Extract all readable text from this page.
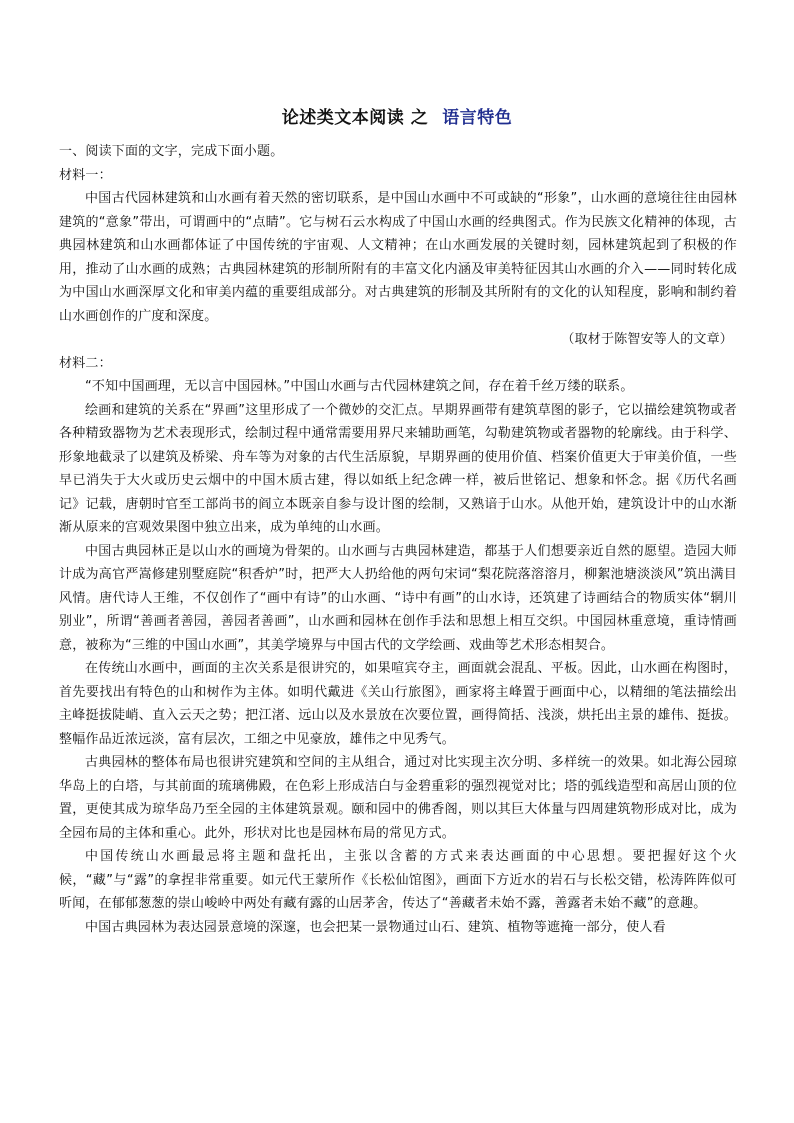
论述类文本阅读 之 语言特色

一、阅读下面的文字，完成下面小题。

材料一：

中国古代园林建筑和山水画有着天然的密切联系，是中国山水画中不可或缺的“形象”，山水画的意境往往由园林建筑的“意象”带出，可谓画中的“点睛”。它与树石云水构成了中国山水画的经典图式。作为民族文化精神的体现，古典园林建筑和山水画都体证了中国传统的宇宙观、人文精神；在山水画发展的关键时刻，园林建筑起到了积极的作用，推动了山水画的成熟；古典园林建筑的形制所附有的丰富文化内涵及审美特征因其山水画的介入——同时转化成为中国山水画深厚文化和审美内蕴的重要组成部分。对古典建筑的形制及其所附有的文化的认知程度，影响和制约着山水画创作的广度和深度。

（取材于陈智安等人的文章）

材料二：

“不知中国画理，无以言中国园林。”中国山水画与古代园林建筑之间，存在着千丝万缕的联系。

绘画和建筑的关系在“界画”这里形成了一个微妙的交汇点。早期界画带有建筑草图的影子，它以描绘建筑物或者各种精致器物为艺术表现形式，绘制过程中通常需要用界尺来辅助画笔，勾勒建筑物或者器物的轮廓线。由于科学、形象地截录了以建筑及桥梁、舟车等为对象的古代生活原貌，早期界画的使用价值、档案价值更大于审美价值，一些早已消失于大火或历史云烟中的中国木质古建，得以如纸上纪念碑一样，被后世铭记、想象和怀念。据《历代名画记》记载，唐朝时官至工部尚书的阎立本既亲自参与设计图的绘制，又熟谙于山水。从他开始，建筑设计中的山水渐渐从原来的宫观效果图中独立出来，成为单纯的山水画。

中国古典园林正是以山水的画境为骨架的。山水画与古典园林建造，都基于人们想要亲近自然的愿望。造园大师计成为高官严嵩修建别墅庭院“积香炉”时，把严大人扔给他的两句宋词“梨花院落溶溶月，柳絮池塘淡淡风”筑出满目风情。唐代诗人王维，不仅创作了“画中有诗”的山水画、“诗中有画”的山水诗，还筑建了诗画结合的物质实体“辋川别业”，所谓“善画者善园，善园者善画”，山水画和园林在创作手法和思想上相互交织。中国园林重意境，重诗情画意，被称为“三维的中国山水画”，其美学境界与中国古代的文学绘画、戏曲等艺术形态相契合。

在传统山水画中，画面的主次关系是很讲究的，如果喧宾夺主，画面就会混乱、平板。因此，山水画在构图时，首先要找出有特色的山和树作为主体。如明代戴进《关山行旅图》，画家将主峰置于画面中心，以精细的笔法描绘出主峰挺拔陡峭、直入云天之势；把江渚、远山以及水景放在次要位置，画得简括、浅淡，烘托出主景的雄伟、挺拔。整幅作品近浓远淡，富有层次，工细之中见豪放，雄伟之中见秀气。

古典园林的整体布局也很讲究建筑和空间的主从组合，通过对比实现主次分明、多样统一的效果。如北海公园琼华岛上的白塔，与其前面的琉璃佛殿，在色彩上形成洁白与金碧重彩的强烈视觉对比；塔的弧线造型和高居山顶的位置，更使其成为琼华岛乃至全园的主体建筑景观。颐和园中的佛香阁，则以其巨大体量与四周建筑物形成对比，成为全园布局的主体和重心。此外，形状对比也是园林布局的常见方式。

中国传统山水画最忌将主题和盘托出，主张以含蓄的方式来表达画面的中心思想。要把握好这个火候，“藏”与“露”的拿捏非常重要。如元代王蒙所作《长松仙馆图》，画面下方近水的岩石与长松交错，松涛阵阵似可听闻，在郁郁葱葱的崇山峻岭中两处有藏有露的山居茅舍，传达了“善藏者未始不露，善露者未始不藏”的意趣。

中国古典园林为表达园景意境的深邃，也会把某一景物通过山石、建筑、植物等遮掩一部分，使人看
